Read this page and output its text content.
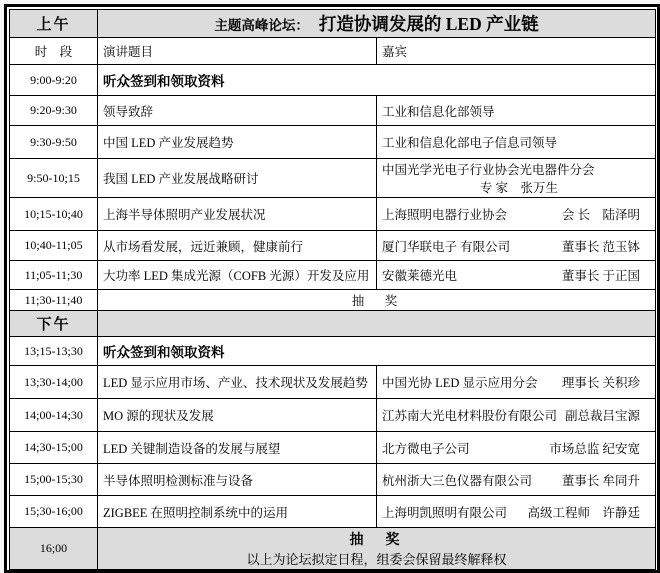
上午	主题高峰论坛： 打造协调发展的 LED 产业链	
时　段	演讲题目	嘉宾
9:00-9:20	听众签到和领取资料	
9:20-9:30	领导致辞	工业和信息化部领导

9:30-9:50	中国 LED 产业发展趋势	工业和信息化部电子信息司领导

9:50-10;15	我国 LED 产业发展战略研讨	中国光学光电子行业协会光电器件分会
专 家　张万生

10;15-10;40	上海半导体照明产业发展状况	上海照明电器行业协会 会 长　陆泽明

10;40-11;05	从市场看发展，远近兼顾，健康前行	厦门华联电子 有限公司 董事长 范玉钵

11;05-11;30	大功率 LED 集成光源（COFB 光源）开发及应用	安徽莱德光电 董事长 于正国

11;30-11;40	抽　奖	
下午		
13;15-13;30	听众签到和领取资料	
13;30-14;00	LED 显示应用市场、产业、技术现状及发展趋势	中国光协 LED 显示应用分会 理事长 关积珍

14;00-14;30	MO 源的现状及发展	江苏南大光电材料股份有限公司 副总裁吕宝源

14;30-15;00	LED 关键制造设备的发展与展望	北方微电子公司 市场总监 纪安宽

15;00-15;30	半导体照明检测标准与设备	杭州浙大三色仪器有限公司 董事长 牟同升

15;30-16;00	ZIGBEE 在照明控制系统中的运用	上海明凯照明有限公司 高级工程师　许静廷

16;00	抽　奖
以上为论坛拟定日程，组委会保留最终解释权	
